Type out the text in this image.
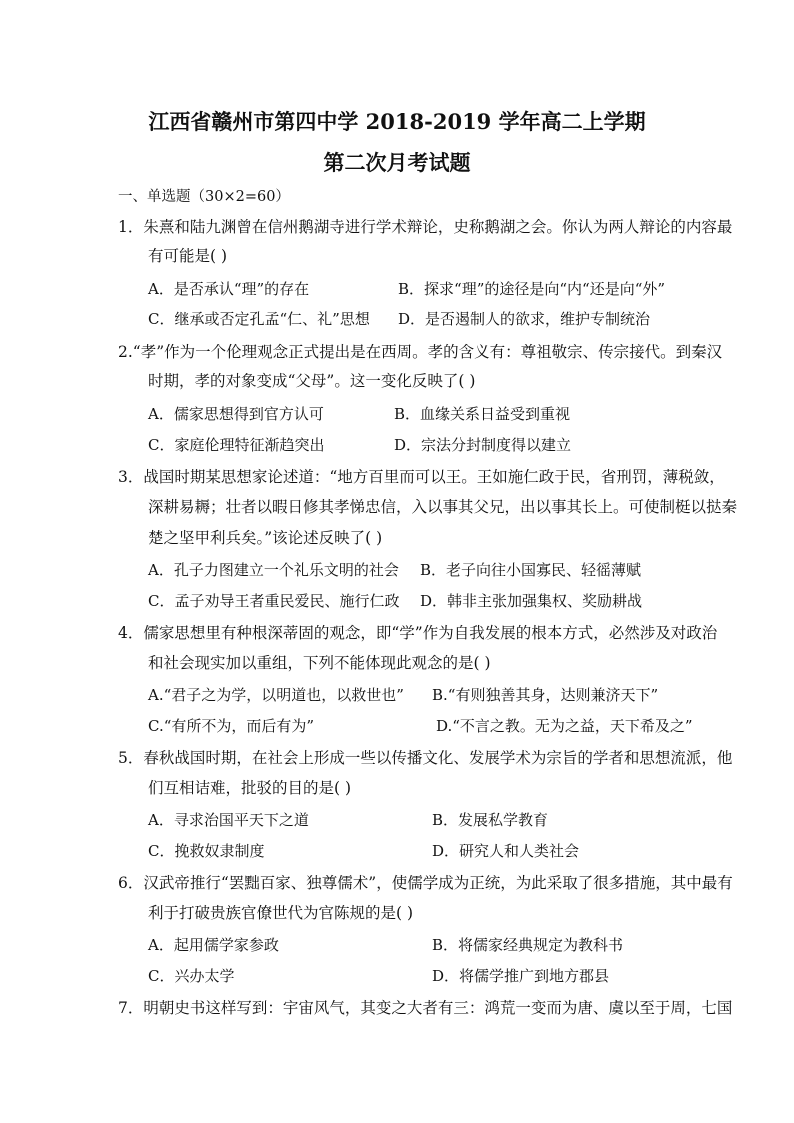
江西省赣州市第四中学 2018-2019 学年高二上学期
第二次月考试题
一、单选题（30×2=60）
1．朱熹和陆九渊曾在信州鹅湖寺进行学术辩论，史称鹅湖之会。你认为两人辩论的内容最
有可能是( )
A．是否承认“理”的存在	B．探求“理”的途径是向“内“还是向“外”
C．继承或否定孔孟“仁、礼”思想 D．是否遏制人的欲求，维护专制统治
2.“孝”作为一个伦理观念正式提出是在西周。孝的含义有：尊祖敬宗、传宗接代。到秦汉
时期，孝的对象变成“父母”。这一变化反映了( )
A．儒家思想得到官方认可	B．血缘关系日益受到重视
C．家庭伦理特征渐趋突出	D．宗法分封制度得以建立
3．战国时期某思想家论述道：“地方百里而可以王。王如施仁政于民，省刑罚，薄税敛，
深耕易耨；壮者以暇日修其孝悌忠信，入以事其父兄，出以事其长上。可使制梃以挞秦
楚之坚甲利兵矣。”该论述反映了( )
A．孔子力图建立一个礼乐文明的社会 B．老子向往小国寡民、轻徭薄赋
C．孟子劝导王者重民爱民、施行仁政 D．韩非主张加强集权、奖励耕战
4．儒家思想里有种根深蒂固的观念，即“学”作为自我发展的根本方式，必然涉及对政治
和社会现实加以重组，下列不能体现此观念的是( )
A.“君子之为学，以明道也，以救世也” B.“有则独善其身，达则兼济天下”
C.“有所不为，而后有为”	D.“不言之教。无为之益，天下希及之”
5．春秋战国时期，在社会上形成一些以传播文化、发展学术为宗旨的学者和思想流派，他
们互相诘难，批驳的目的是( )
A．寻求治国平天下之道	B．发展私学教育
C．挽救奴隶制度	D．研究人和人类社会
6．汉武帝推行“罢黜百家、独尊儒术”，使儒学成为正统，为此采取了很多措施，其中最有
利于打破贵族官僚世代为官陈规的是( )
A．起用儒学家参政	B．将儒家经典规定为教科书
C．兴办太学	D．将儒学推广到地方郡县
7．明朝史书这样写到：宇宙风气，其变之大者有三：鸿荒一变而为唐、虞以至于周，七国
